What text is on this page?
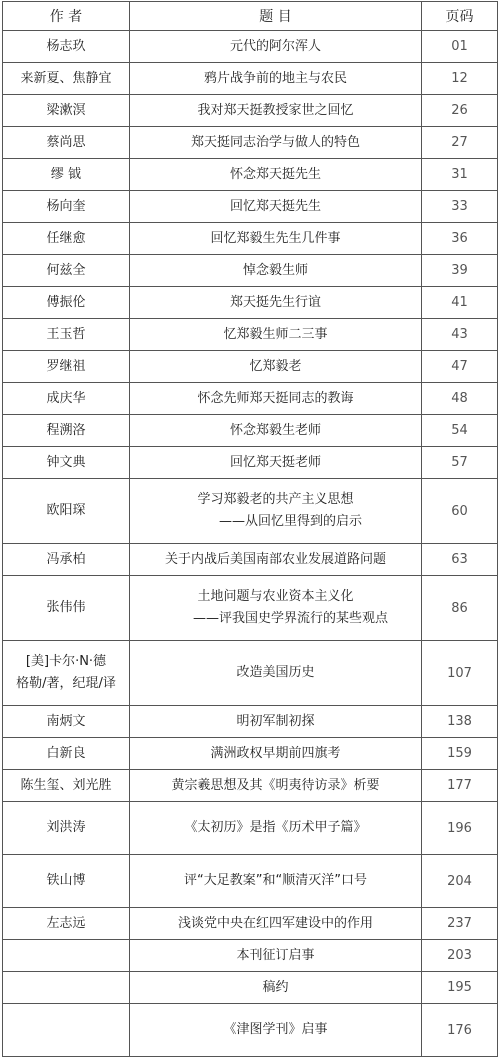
作 者	题 目	页码

杨志玖	元代的阿尔浑人	01

来新夏、焦静宜	鸦片战争前的地主与农民	12

梁漱溟	我对郑天挺教授家世之回忆	26

蔡尚思	郑天挺同志治学与做人的特色	27

缪 钺	怀念郑天挺先生	31

杨向奎	回忆郑天挺先生	33

任继愈	回忆郑毅生先生几件事	36

何兹全	悼念毅生师	39

傅振伦	郑天挺先生行谊	41

王玉哲	忆郑毅生师二三事	43

罗继祖	忆郑毅老	47

成庆华	怀念先师郑天挺同志的教诲	48

程溯洛	怀念郑毅生老师	54

钟文典	回忆郑天挺老师	57

欧阳琛	学习郑毅老的共产主义思想
——从回忆里得到的启示	60

冯承柏	关于内战后美国南部农业发展道路问题	63

张伟伟	土地问题与农业资本主义化
——评我国史学界流行的某些观点	86

[美]卡尔·N·德
格勒/著，纪琨/译	改造美国历史	107

南炳文	明初军制初探	138

白新良	满洲政权早期前四旗考	159

陈生玺、刘光胜	黄宗羲思想及其《明夷待访录》析要	177

刘洪涛	《太初历》是指《历术甲子篇》	196

铁山博	评“大足教案”和“顺清灭洋”口号	204

左志远	浅谈党中央在红四军建设中的作用	237

	本刊征订启事	203

	稿约	195

	《津图学刊》启事	176
